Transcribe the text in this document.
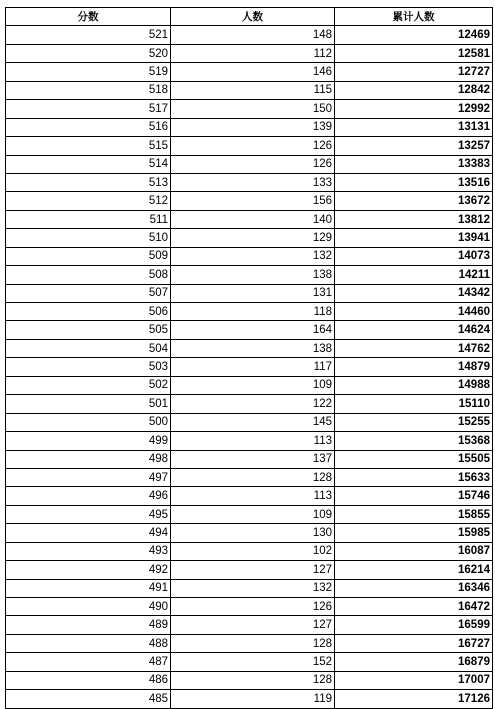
分数	人数	累计人数
521	148	12469
520	112	12581
519	146	12727
518	115	12842
517	150	12992
516	139	13131
515	126	13257
514	126	13383
513	133	13516
512	156	13672
511	140	13812
510	129	13941
509	132	14073
508	138	14211
507	131	14342
506	118	14460
505	164	14624
504	138	14762
503	117	14879
502	109	14988
501	122	15110
500	145	15255
499	113	15368
498	137	15505
497	128	15633
496	113	15746
495	109	15855
494	130	15985
493	102	16087
492	127	16214
491	132	16346
490	126	16472
489	127	16599
488	128	16727
487	152	16879
486	128	17007
485	119	17126
